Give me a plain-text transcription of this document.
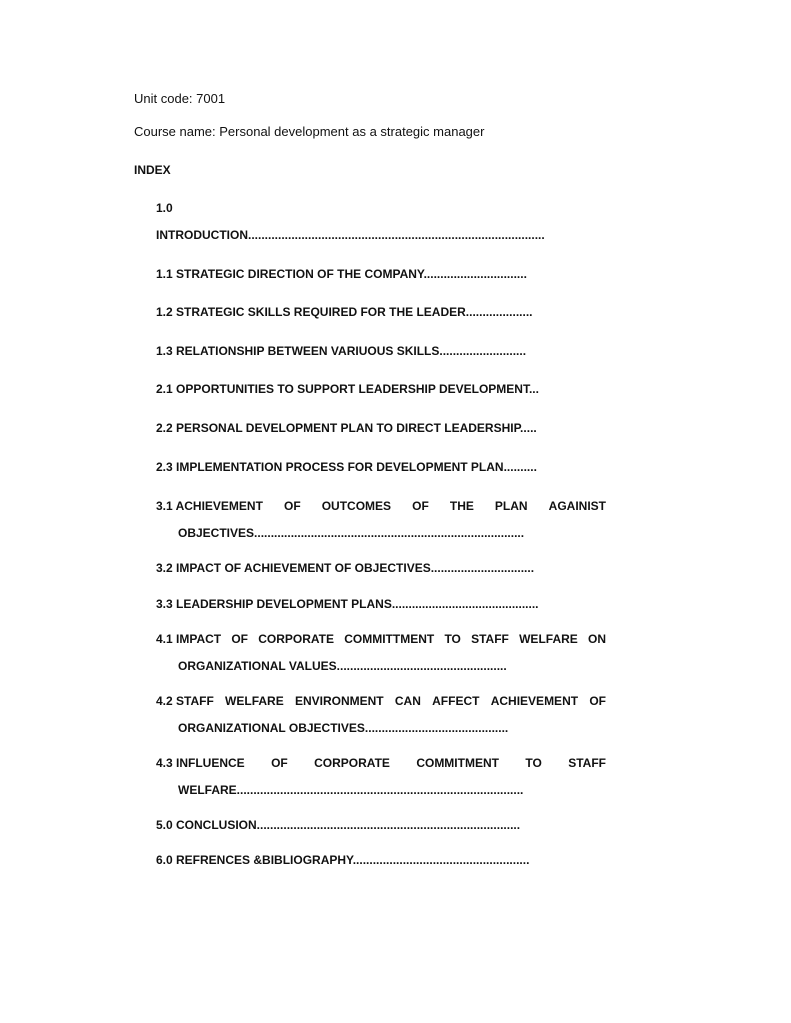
Unit code: 7001
Course name: Personal development as a strategic manager
INDEX
1.0
INTRODUCTION.........................................................................................
1.1 STRATEGIC DIRECTION OF THE COMPANY...............................
1.2 STRATEGIC SKILLS REQUIRED FOR THE LEADER....................
1.3 RELATIONSHIP BETWEEN VARIUOUS SKILLS..........................
2.1 OPPORTUNITIES TO SUPPORT LEADERSHIP DEVELOPMENT...
2.2 PERSONAL DEVELOPMENT PLAN TO DIRECT LEADERSHIP.....
2.3 IMPLEMENTATION PROCESS FOR DEVELOPMENT PLAN..........
3.1 ACHIEVEMENT OF OUTCOMES OF THE PLAN AGAINIST
OBJECTIVES.................................................................................
3.2 IMPACT OF ACHIEVEMENT OF OBJECTIVES...............................
3.3 LEADERSHIP DEVELOPMENT PLANS............................................
4.1 IMPACT OF CORPORATE COMMITTMENT TO STAFF WELFARE ON
ORGANIZATIONAL VALUES...................................................
4.2 STAFF WELFARE ENVIRONMENT CAN AFFECT ACHIEVEMENT OF
ORGANIZATIONAL OBJECTIVES...........................................
4.3 INFLUENCE OF CORPORATE COMMITMENT TO STAFF
WELFARE......................................................................................
5.0 CONCLUSION...............................................................................
6.0 REFRENCES &BIBLIOGRAPHY.....................................................
